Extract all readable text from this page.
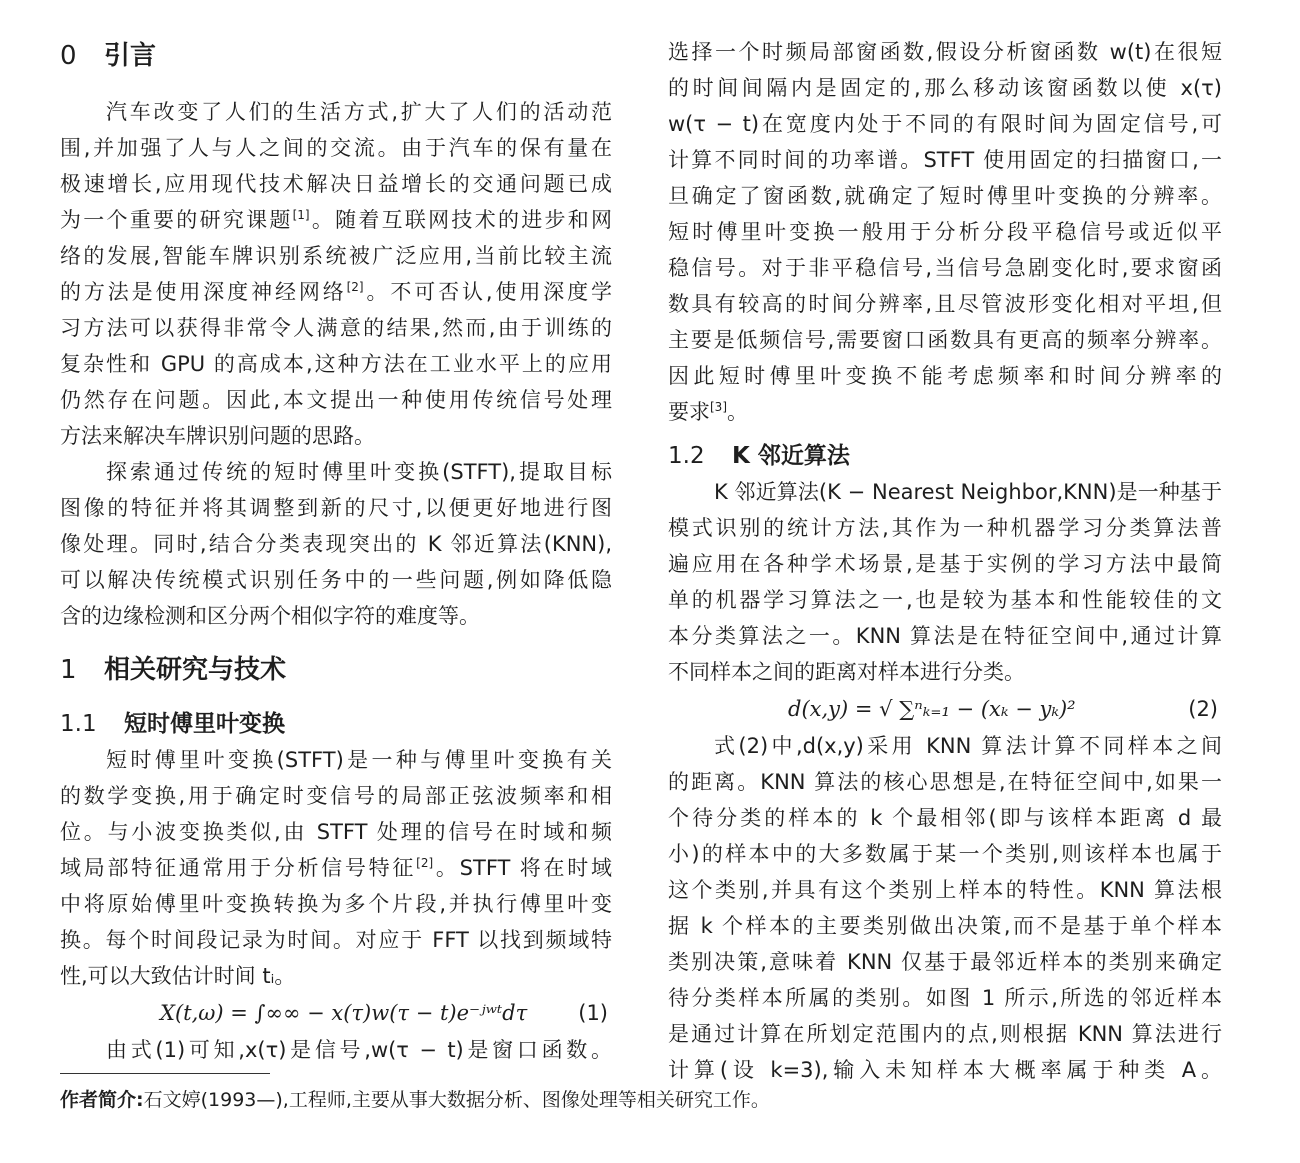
0 引言
汽车改变了人们的生活方式,扩大了人们的活动范
围,并加强了人与人之间的交流。由于汽车的保有量在
极速增长,应用现代技术解决日益增长的交通问题已成
为一个重要的研究课题[1]。随着互联网技术的进步和网
络的发展,智能车牌识别系统被广泛应用,当前比较主流
的方法是使用深度神经网络[2]。不可否认,使用深度学
习方法可以获得非常令人满意的结果,然而,由于训练的
复杂性和 GPU 的高成本,这种方法在工业水平上的应用
仍然存在问题。因此,本文提出一种使用传统信号处理
方法来解决车牌识别问题的思路。
探索通过传统的短时傅里叶变换(STFT),提取目标
图像的特征并将其调整到新的尺寸,以便更好地进行图
像处理。同时,结合分类表现突出的 K 邻近算法(KNN),
可以解决传统模式识别任务中的一些问题,例如降低隐
含的边缘检测和区分两个相似字符的难度等。
1 相关研究与技术
1.1 短时傅里叶变换
短时傅里叶变换(STFT)是一种与傅里叶变换有关
的数学变换,用于确定时变信号的局部正弦波频率和相
位。与小波变换类似,由 STFT 处理的信号在时域和频
域局部特征通常用于分析信号特征[2]。STFT 将在时域
中将原始傅里叶变换转换为多个片段,并执行傅里叶变
换。每个时间段记录为时间。对应于 FFT 以找到频域特
性,可以大致估计时间 tᵢ。
X(t,ω) = ∫∞∞ − x(τ)w(τ − t)e⁻ʲʷᵗdτ (1)
由式(1)可知,x(τ)是信号,w(τ − t)是窗口函数。
选择一个时频局部窗函数,假设分析窗函数 w(t)在很短
的时间间隔内是固定的,那么移动该窗函数以使 x(τ)
w(τ − t)在宽度内处于不同的有限时间为固定信号,可
计算不同时间的功率谱。STFT 使用固定的扫描窗口,一
旦确定了窗函数,就确定了短时傅里叶变换的分辨率。
短时傅里叶变换一般用于分析分段平稳信号或近似平
稳信号。对于非平稳信号,当信号急剧变化时,要求窗函
数具有较高的时间分辨率,且尽管波形变化相对平坦,但
主要是低频信号,需要窗口函数具有更高的频率分辨率。
因此短时傅里叶变换不能考虑频率和时间分辨率的
要求[3]。
1.2 K 邻近算法
K 邻近算法(K − Nearest Neighbor,KNN)是一种基于
模式识别的统计方法,其作为一种机器学习分类算法普
遍应用在各种学术场景,是基于实例的学习方法中最简
单的机器学习算法之一,也是较为基本和性能较佳的文
本分类算法之一。KNN 算法是在特征空间中,通过计算
不同样本之间的距离对样本进行分类。
d(x,y) = √ ∑ⁿₖ₌₁ − (xₖ − yₖ)²	(2)
式(2)中,d(x,y)采用 KNN 算法计算不同样本之间
的距离。KNN 算法的核心思想是,在特征空间中,如果一
个待分类的样本的 k 个最相邻(即与该样本距离 d 最
小)的样本中的大多数属于某一个类别,则该样本也属于
这个类别,并具有这个类别上样本的特性。KNN 算法根
据 k 个样本的主要类别做出决策,而不是基于单个样本
类别决策,意味着 KNN 仅基于最邻近样本的类别来确定
待分类样本所属的类别。如图 1 所示,所选的邻近样本
是通过计算在所划定范围内的点,则根据 KNN 算法进行
计算(设 k=3),输入未知样本大概率属于种类 A。
作者简介:石文婷(1993—),工程师,主要从事大数据分析、图像处理等相关研究工作。
